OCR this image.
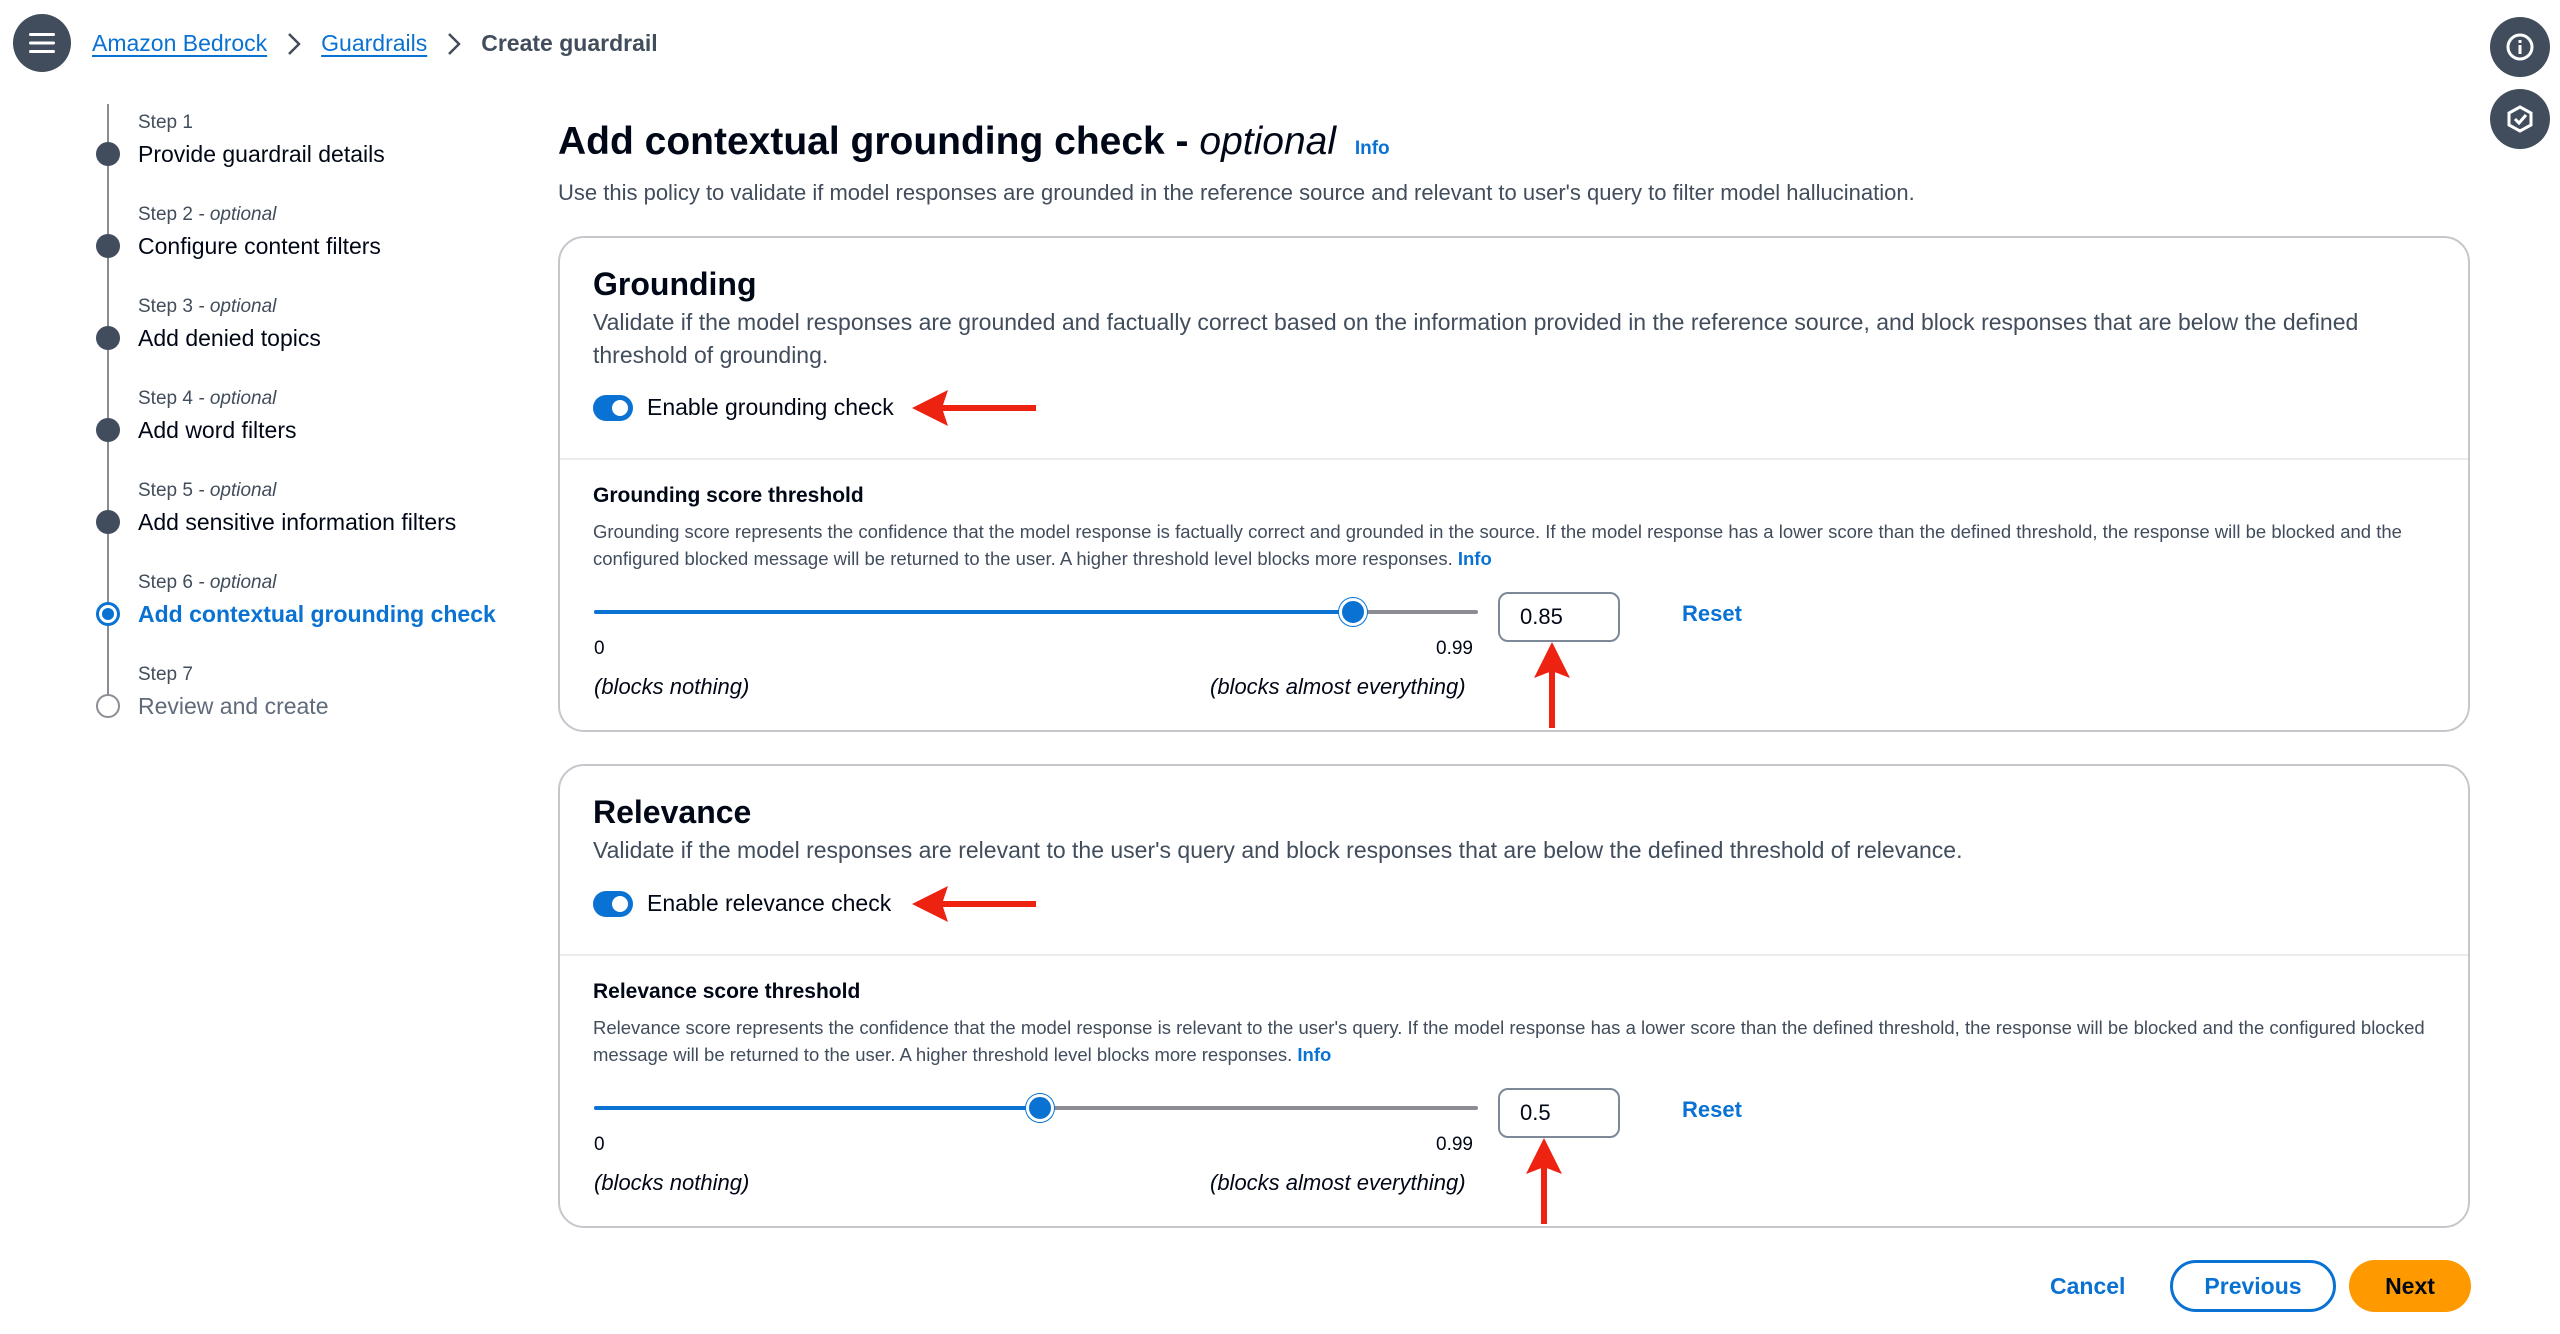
Amazon Bedrock Guardrails Create guardrail
Step 1
Provide guardrail details
Step 2 - optional
Configure content filters
Step 3 - optional
Add denied topics
Step 4 - optional
Add word filters
Step 5 - optional
Add sensitive information filters
Step 6 - optional
Add contextual grounding check
Step 7
Review and create
Add contextual grounding check - optional Info
Use this policy to validate if model responses are grounded in the reference source and relevant to user's query to filter model hallucination.
Grounding
Validate if the model responses are grounded and factually correct based on the information provided in the reference source, and block responses that are below the defined threshold of grounding.
Enable grounding check
Grounding score threshold
Grounding score represents the confidence that the model response is factually correct and grounded in the source. If the model response has a lower score than the defined threshold, the response will be blocked and the configured blocked message will be returned to the user. A higher threshold level blocks more responses. Info
0	0.99
(blocks nothing)	(blocks almost everything)
0.85
Reset
Relevance
Validate if the model responses are relevant to the user's query and block responses that are below the defined threshold of relevance.
Enable relevance check
Relevance score threshold
Relevance score represents the confidence that the model response is relevant to the user's query. If the model response has a lower score than the defined threshold, the response will be blocked and the configured blocked message will be returned to the user. A higher threshold level blocks more responses. Info
0	0.99
(blocks nothing)	(blocks almost everything)
0.5
Reset
Cancel	Previous	Next
